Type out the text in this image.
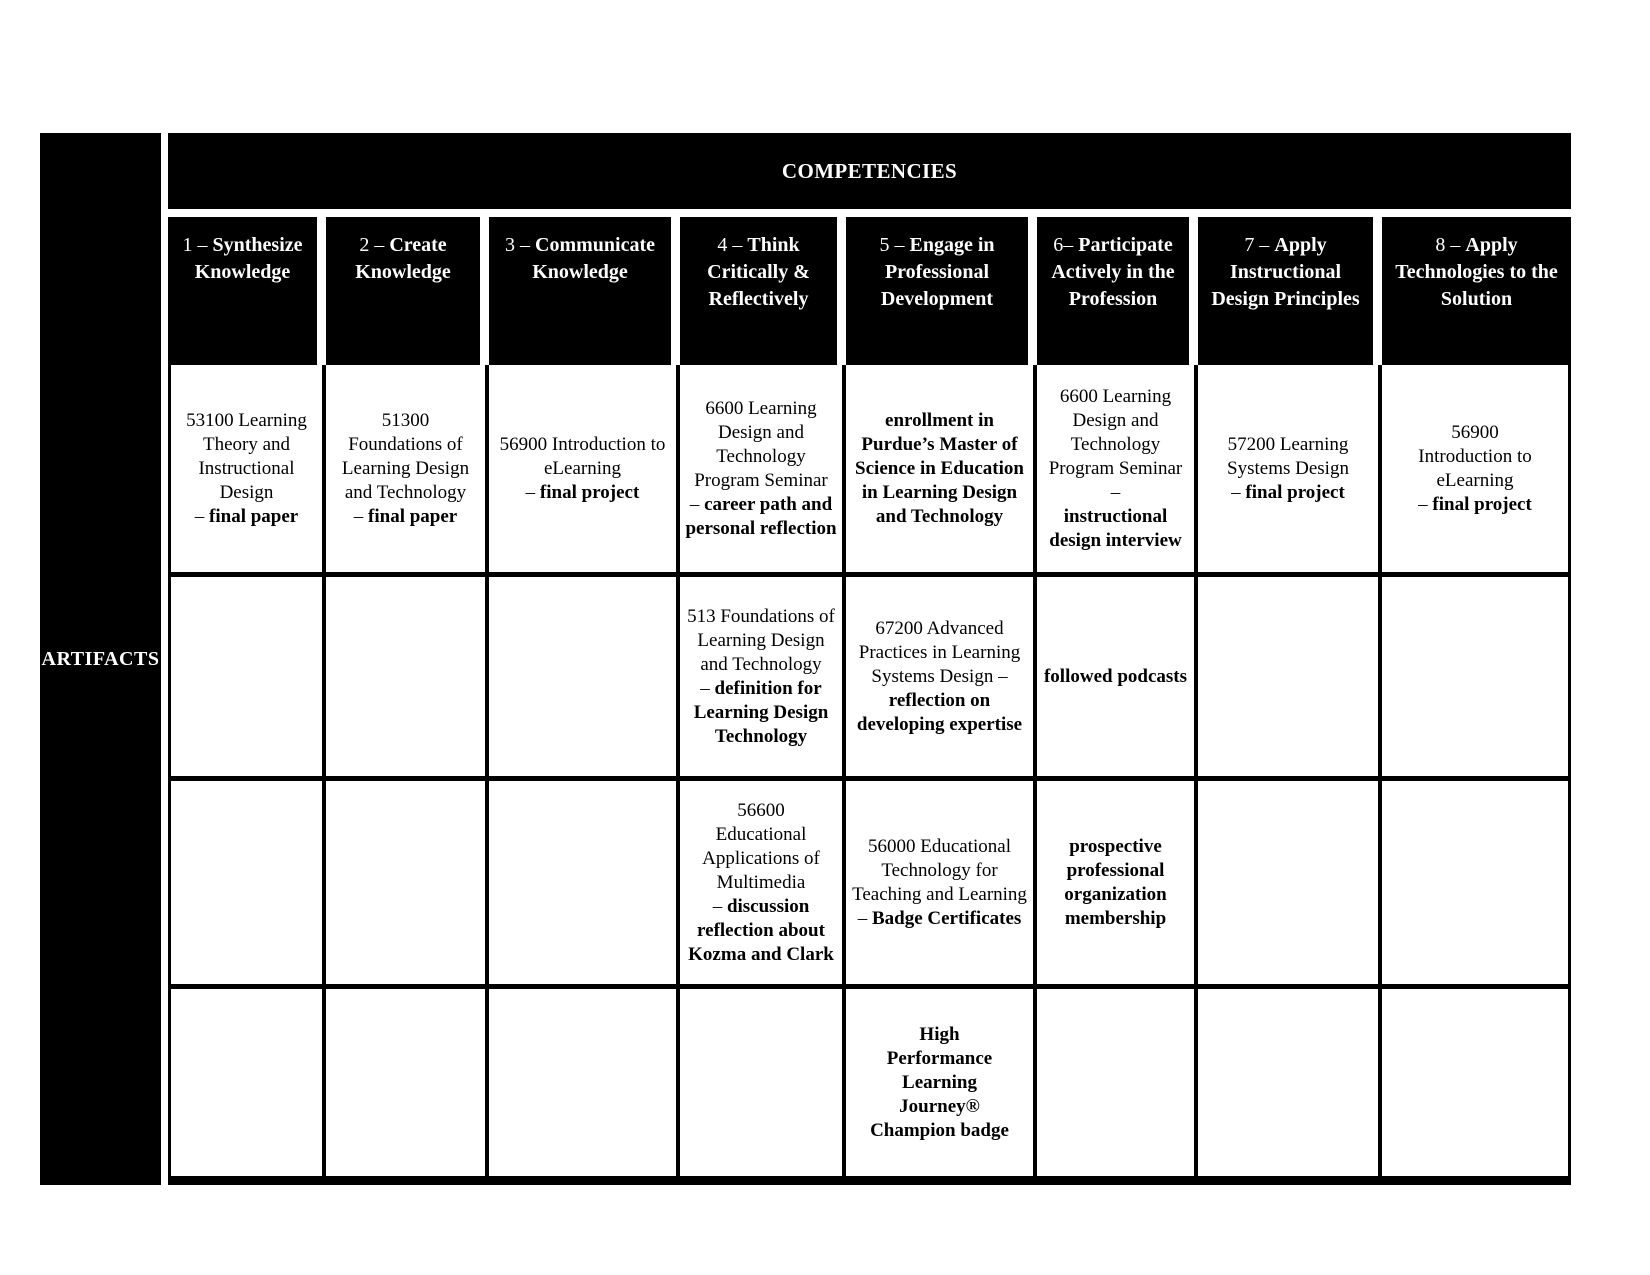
ARTIFACTS
COMPETENCIES
1 – Synthesize Knowledge
2 – Create Knowledge
3 – Communicate Knowledge
4 – Think Critically & Reflectively
5 – Engage in Professional Development
6– Participate Actively in the Profession
7 – Apply Instructional Design Principles
8 – Apply Technologies to the Solution
53100 Learning Theory and Instructional Design
– final paper
51300
Foundations of Learning Design and Technology
– final paper
56900 Introduction to eLearning
– final project
6600 Learning Design and Technology Program Seminar
– career path and personal reflection
enrollment in Purdue’s Master of Science in Education in Learning Design and Technology
6600 Learning Design and Technology Program Seminar –
instructional design interview
57200 Learning Systems Design
– final project
56900
Introduction to eLearning
– final project
513 Foundations of Learning Design and Technology
– definition for Learning Design Technology
67200 Advanced Practices in Learning Systems Design –
reflection on developing expertise
followed podcasts
56600
Educational Applications of Multimedia
– discussion reflection about Kozma and Clark
56000 Educational Technology for Teaching and Learning
– Badge Certificates
prospective professional organization membership
High
Performance
Learning
Journey®
Champion badge
